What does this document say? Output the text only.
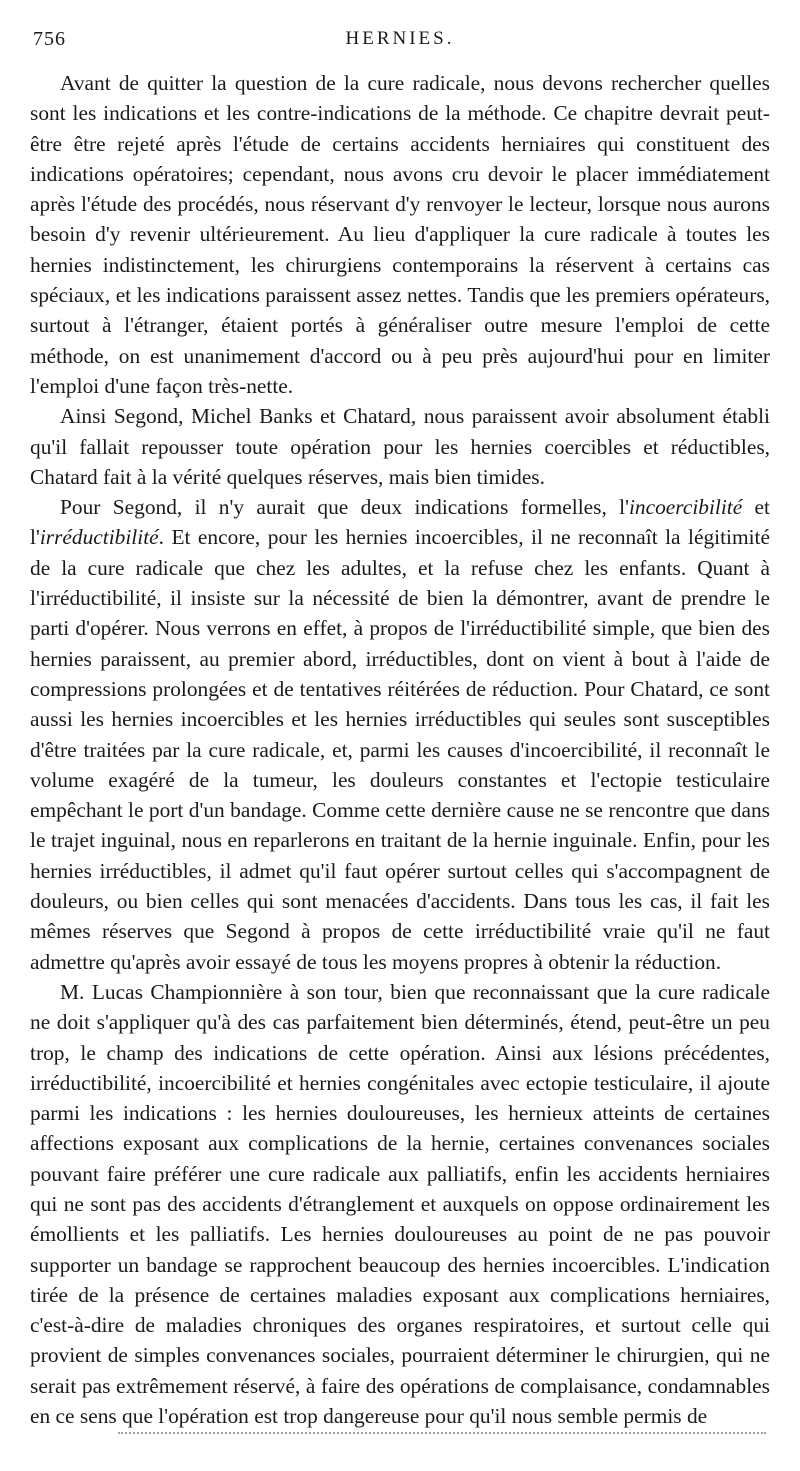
756	HERNIES.

Avant de quitter la question de la cure radicale, nous devons rechercher quelles sont les indications et les contre-indications de la méthode. Ce chapitre devrait peut-être être rejeté après l'étude de certains accidents herniaires qui constituent des indications opératoires; cependant, nous avons cru devoir le placer immédiatement après l'étude des procédés, nous réservant d'y renvoyer le lecteur, lorsque nous aurons besoin d'y revenir ultérieurement. Au lieu d'appliquer la cure radicale à toutes les hernies indistinctement, les chirurgiens contemporains la réservent à certains cas spéciaux, et les indications paraissent assez nettes. Tandis que les premiers opérateurs, surtout à l'étranger, étaient portés à généraliser outre mesure l'emploi de cette méthode, on est unanimement d'accord ou à peu près aujourd'hui pour en limiter l'emploi d'une façon très-nette.

Ainsi Segond, Michel Banks et Chatard, nous paraissent avoir absolument établi qu'il fallait repousser toute opération pour les hernies coercibles et réductibles, Chatard fait à la vérité quelques réserves, mais bien timides.

Pour Segond, il n'y aurait que deux indications formelles, l'incoercibilité et l'irréductibilité. Et encore, pour les hernies incoercibles, il ne reconnaît la légitimité de la cure radicale que chez les adultes, et la refuse chez les enfants. Quant à l'irréductibilité, il insiste sur la nécessité de bien la démontrer, avant de prendre le parti d'opérer. Nous verrons en effet, à propos de l'irréductibilité simple, que bien des hernies paraissent, au premier abord, irréductibles, dont on vient à bout à l'aide de compressions prolongées et de tentatives réitérées de réduction. Pour Chatard, ce sont aussi les hernies incoercibles et les hernies irréductibles qui seules sont susceptibles d'être traitées par la cure radicale, et, parmi les causes d'incoercibilité, il reconnaît le volume exagéré de la tumeur, les douleurs constantes et l'ectopie testiculaire empêchant le port d'un bandage. Comme cette dernière cause ne se rencontre que dans le trajet inguinal, nous en reparlerons en traitant de la hernie inguinale. Enfin, pour les hernies irréductibles, il admet qu'il faut opérer surtout celles qui s'accompagnent de douleurs, ou bien celles qui sont menacées d'accidents. Dans tous les cas, il fait les mêmes réserves que Segond à propos de cette irréductibilité vraie qu'il ne faut admettre qu'après avoir essayé de tous les moyens propres à obtenir la réduction.

M. Lucas Championnière à son tour, bien que reconnaissant que la cure radicale ne doit s'appliquer qu'à des cas parfaitement bien déterminés, étend, peut-être un peu trop, le champ des indications de cette opération. Ainsi aux lésions précédentes, irréductibilité, incoercibilité et hernies congénitales avec ectopie testiculaire, il ajoute parmi les indications : les hernies douloureuses, les hernieux atteints de certaines affections exposant aux complications de la hernie, certaines convenances sociales pouvant faire préférer une cure radicale aux palliatifs, enfin les accidents herniaires qui ne sont pas des accidents d'étranglement et auxquels on oppose ordinairement les émollients et les palliatifs. Les hernies douloureuses au point de ne pas pouvoir supporter un bandage se rapprochent beaucoup des hernies incoercibles. L'indication tirée de la présence de certaines maladies exposant aux complications herniaires, c'est-à-dire de maladies chroniques des organes respiratoires, et surtout celle qui provient de simples convenances sociales, pourraient déterminer le chirurgien, qui ne serait pas extrêmement réservé, à faire des opérations de complaisance, condamnables en ce sens que l'opération est trop dangereuse pour qu'il nous semble permis de
